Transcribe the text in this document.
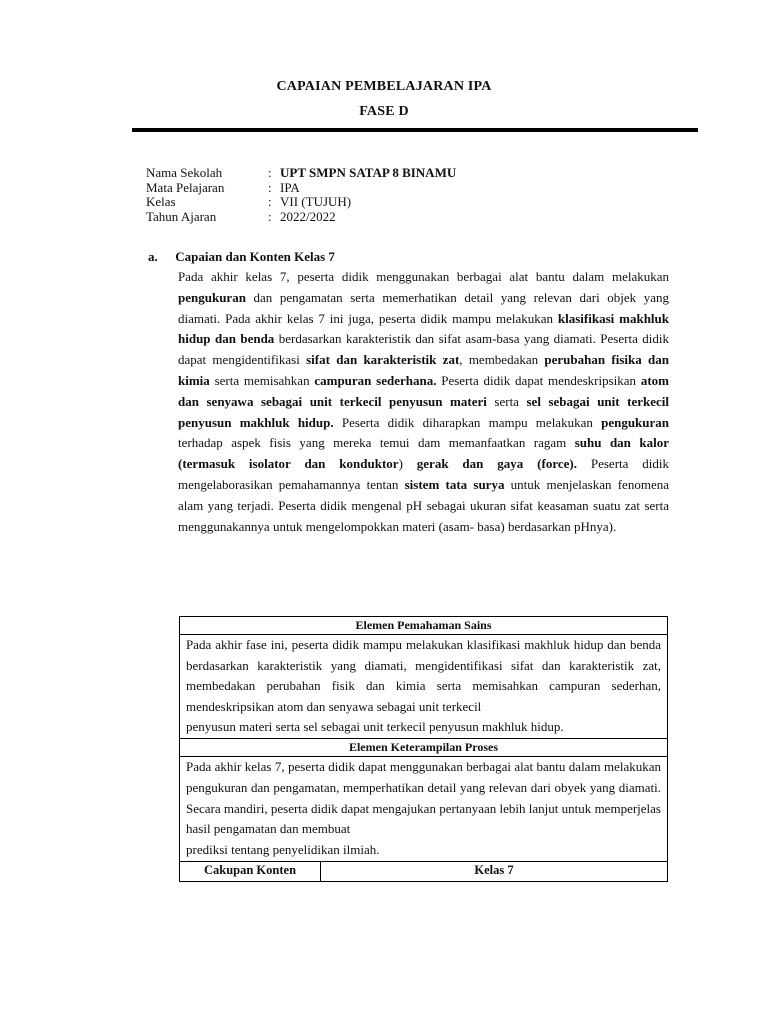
CAPAIAN PEMBELAJARAN IPA
FASE D
Nama Sekolah	: UPT SMPN SATAP 8 BINAMU
Mata Pelajaran	: IPA
Kelas	: VII (TUJUH)
Tahun Ajaran	: 2022/2022
a. Capaian dan Konten Kelas 7

Pada akhir kelas 7, peserta didik menggunakan berbagai alat bantu dalam melakukan pengukuran dan pengamatan serta memerhatikan detail yang relevan dari objek yang diamati. Pada akhir kelas 7 ini juga, peserta didik mampu melakukan klasifikasi makhluk hidup dan benda berdasarkan karakteristik dan sifat asam-basa yang diamati. Peserta didik dapat mengidentifikasi sifat dan karakteristik zat, membedakan perubahan fisika dan kimia serta memisahkan campuran sederhana. Peserta didik dapat mendeskripsikan atom dan senyawa sebagai unit terkecil penyusun materi serta sel sebagai unit terkecil penyusun makhluk hidup. Peserta didik diharapkan mampu melakukan pengukuran terhadap aspek fisis yang mereka temui dam memanfaatkan ragam suhu dan kalor (termasuk isolator dan konduktor) gerak dan gaya (force). Peserta didik mengelaborasikan pemahamannya tentan sistem tata surya untuk menjelaskan fenomena alam yang terjadi. Peserta didik mengenal pH sebagai ukuran sifat keasaman suatu zat serta menggunakannya untuk mengelompokkan materi (asam- basa) berdasarkan pHnya).

Elemen Pemahaman Sains
Pada akhir fase ini, peserta didik mampu melakukan klasifikasi makhluk hidup dan benda berdasarkan karakteristik yang diamati, mengidentifikasi sifat dan karakteristik zat, membedakan perubahan fisik dan kimia serta memisahkan campuran sederhan, mendeskripsikan atom dan senyawa sebagai unit terkecil
penyusun materi serta sel sebagai unit terkecil penyusun makhluk hidup.

Elemen Keterampilan Proses
Pada akhir kelas 7, peserta didik dapat menggunakan berbagai alat bantu dalam melakukan pengukuran dan pengamatan, memperhatikan detail yang relevan dari obyek yang diamati. Secara mandiri, peserta didik dapat mengajukan pertanyaan lebih lanjut untuk memperjelas hasil pengamatan dan membuat
prediksi tentang penyelidikan ilmiah.

Cakupan Konten	Kelas 7
